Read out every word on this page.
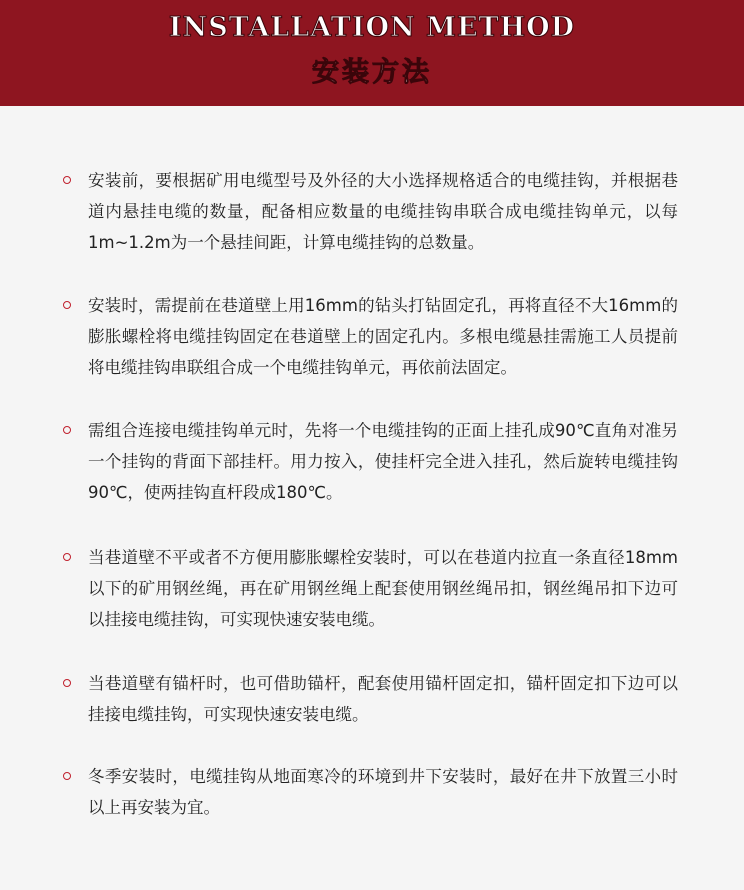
INSTALLATION METHOD
安装方法
安装前，要根据矿用电缆型号及外径的大小选择规格适合的电缆挂钩，并根据巷道内悬挂电缆的数量，配备相应数量的电缆挂钩串联合成电缆挂钩单元，以每1m~1.2m为一个悬挂间距，计算电缆挂钩的总数量。
安装时，需提前在巷道壁上用16mm的钻头打钻固定孔，再将直径不大16mm的膨胀螺栓将电缆挂钩固定在巷道壁上的固定孔内。多根电缆悬挂需施工人员提前将电缆挂钩串联组合成一个电缆挂钩单元，再依前法固定。
需组合连接电缆挂钩单元时，先将一个电缆挂钩的正面上挂孔成90℃直角对准另一个挂钩的背面下部挂杆。用力按入，使挂杆完全进入挂孔，然后旋转电缆挂钩90℃，使两挂钩直杆段成180℃。
当巷道壁不平或者不方便用膨胀螺栓安装时，可以在巷道内拉直一条直径18mm以下的矿用钢丝绳，再在矿用钢丝绳上配套使用钢丝绳吊扣，钢丝绳吊扣下边可以挂接电缆挂钩，可实现快速安装电缆。
当巷道壁有锚杆时，也可借助锚杆，配套使用锚杆固定扣，锚杆固定扣下边可以挂接电缆挂钩，可实现快速安装电缆。
冬季安装时，电缆挂钩从地面寒冷的环境到井下安装时，最好在井下放置三小时以上再安装为宜。
